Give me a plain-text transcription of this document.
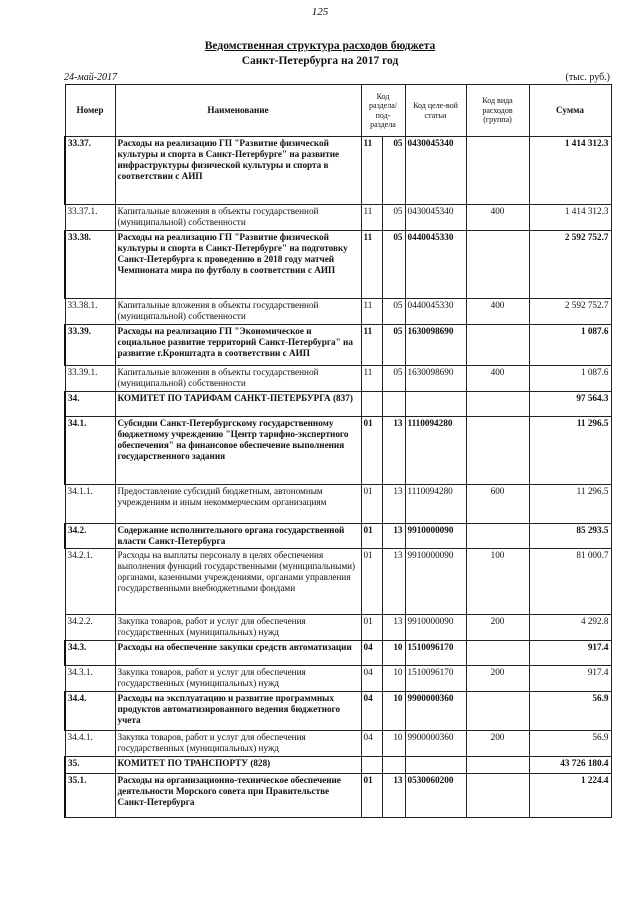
125
Ведомственная структура расходов бюджета
Санкт-Петербурга на 2017 год
24-май-2017	(тыс. руб.)
Номер	Наименование	Код раздела/ под-раздела		Код целе-вой статьи	Код вида расходов (группа)	Сумма
33.37.	Расходы на реализацию ГП "Развитие физической культуры и спорта в Санкт-Петербурге" на развитие инфраструктуры физической культуры и спорта в соответствии с АИП	11	05	0430045340		1 414 312.3
33.37.1.	Капитальные вложения в объекты государственной (муниципальной) собственности	11	05	0430045340	400	1 414 312.3
33.38.	Расходы на реализацию ГП "Развитие физической культуры и спорта в Санкт-Петербурге" на подготовку Санкт-Петербурга к проведению в 2018 году матчей Чемпионата мира по футболу в соответствии с АИП	11	05	0440045330		2 592 752.7
33.38.1.	Капитальные вложения в объекты государственной (муниципальной) собственности	11	05	0440045330	400	2 592 752.7
33.39.	Расходы на реализацию ГП "Экономическое и социальное развитие территорий Санкт-Петербурга" на развитие г.Кронштадта в соответствии с АИП	11	05	1630098690		1 087.6
33.39.1.	Капитальные вложения в объекты государственной (муниципальной) собственности	11	05	1630098690	400	1 087.6
34.	КОМИТЕТ ПО ТАРИФАМ САНКТ-ПЕТЕРБУРГА (837)					97 564.3
34.1.	Субсидии Санкт-Петербургскому государственному бюджетному учреждению "Центр тарифно-экспертного обеспечения" на финансовое обеспечение выполнения государственного задания	01	13	1110094280		11 296.5
34.1.1.	Предоставление субсидий бюджетным, автономным учреждениям и иным некоммерческим организациям	01	13	1110094280	600	11 296.5
34.2.	Содержание исполнительного органа государственной власти Санкт-Петербурга	01	13	9910000090		85 293.5
34.2.1.	Расходы на выплаты персоналу в целях обеспечения выполнения функций государственными (муниципальными) органами, казенными учреждениями, органами управления государственными внебюджетными фондами	01	13	9910000090	100	81 000.7
34.2.2.	Закупка товаров, работ и услуг для обеспечения государственных (муниципальных) нужд	01	13	9910000090	200	4 292.8
34.3.	Расходы на обеспечение закупки средств автоматизации	04	10	1510096170		917.4
34.3.1.	Закупка товаров, работ и услуг для обеспечения государственных (муниципальных) нужд	04	10	1510096170	200	917.4
34.4.	Расходы на эксплуатацию и развитие программных продуктов автоматизированного ведения бюджетного учета	04	10	9900000360		56.9
34.4.1.	Закупка товаров, работ и услуг для обеспечения государственных (муниципальных) нужд	04	10	9900000360	200	56.9
35.	КОМИТЕТ ПО ТРАНСПОРТУ (828)					43 726 180.4
35.1.	Расходы на организационно-техническое обеспечение деятельности Морского совета при Правительстве Санкт-Петербурга	01	13	0530060200		1 224.4
